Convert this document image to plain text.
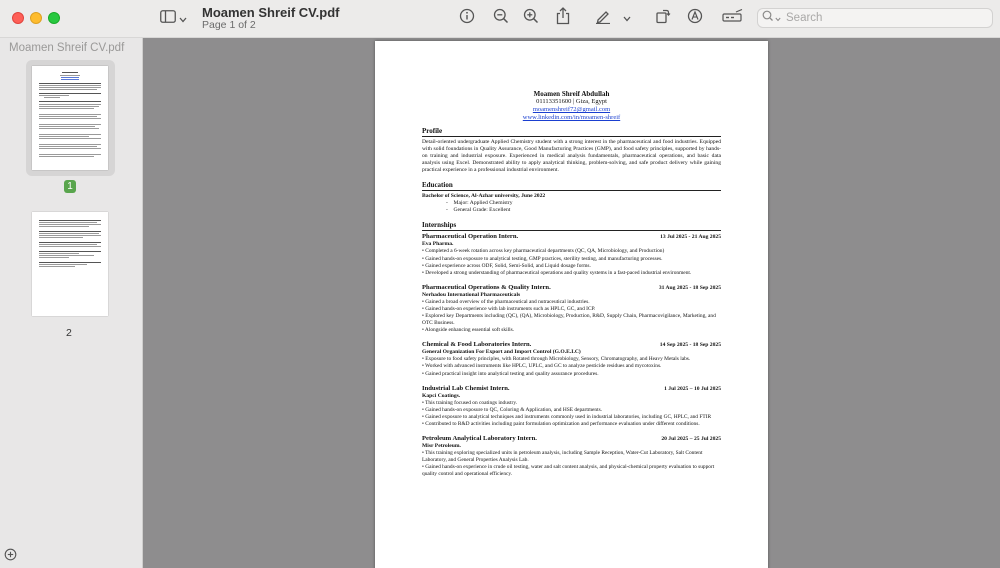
Moamen Shreif CV.pdf
Page 1 of 2
Search
Moamen Shreif CV.pdf
1
2
Moamen Shreif Abdullah
01113351600 | Giza, Egypt
moamenshreif72@gmail.com
www.linkedin.com/in/moamen-shreif
Profile
Detail-oriented undergraduate Applied Chemistry student with a strong interest in the pharmaceutical and food industries. Equipped with solid foundations in Quality Assurance, Good Manufacturing Practices (GMP), and food safety principles, supported by hands-on training and industrial exposure. Experienced in medical analysis fundamentals, pharmaceutical operations, and basic data analysis using Excel. Demonstrated ability to apply analytical thinking, problem-solving, and safe product delivery while gaining practical experience in a professional industrial environment.
Education
Bachelor of Science, Al-Azhar university, June 2022
-    Major: Applied Chemistry
-    General Grade: Excellent
Internships
Pharmaceutical Operation Intern.	13 Jul 2025 - 21 Aug 2025
Eva Pharma.
• Completed a 6-week rotation across key pharmaceutical departments (QC, QA, Microbiology, and Production)
• Gained hands-on exposure to analytical testing, GMP practices, sterility testing, and manufacturing processes.
• Gained experience across ODF, Solid, Semi-Solid, and Liquid dosage forms.
• Developed a strong understanding of pharmaceutical operations and quality systems in a fast-paced industrial environment.
Pharmaceutical Operations & Quality Intern.	31 Aug 2025 - 18 Sep 2025
Nerhadou International Pharmaceuticals
• Gained a broad overview of the pharmaceutical and nutraceutical industries.
• Gained hands-on experience with lab instruments such as HPLC, GC, and ICP.
• Explored key Departments including (QC), (QA), Microbiology, Production, R&D, Supply Chain, Pharmacovigilance, Marketing, and OTC Business.
• Alongside enhancing essential soft skills.
Chemical & Food Laboratories Intern.	14 Sep 2025 - 18 Sep 2025
General Organization For Export and Import Control (G.O.E.I.C)
• Exposure to food safety principles, with Rotated through Microbiology, Sensory, Chromatography, and Heavy Metals labs.
• Worked with advanced instruments like HPLC, UPLC, and GC to analyze pesticide residues and mycotoxins.
• Gained practical insight into analytical testing and quality assurance procedures.
Industrial Lab Chemist Intern.	1 Jul 2025 – 10 Jul 2025
Kapci Coatings.
• This training focused on coatings industry.
• Gained hands-on exposure to QC, Coloring & Application, and HSE departments.
• Gained exposure to analytical techniques and instruments commonly used in industrial laboratories, including GC, HPLC, and FTIR
• Contributed to R&D activities including paint formulation optimization and performance evaluation under different conditions.
Petroleum Analytical Laboratory Intern.	20 Jul 2025 – 25 Jul 2025
Misr Petroleum.
• This training exploring specialized units in petroleum analysis, including Sample Reception, Water-Cut Laboratory, Salt Content Laboratory, and General Properties Analysis Lab.
• Gained hands-on experience in crude oil testing, water and salt content analysis, and physical-chemical property evaluation to support quality control and operational efficiency.
